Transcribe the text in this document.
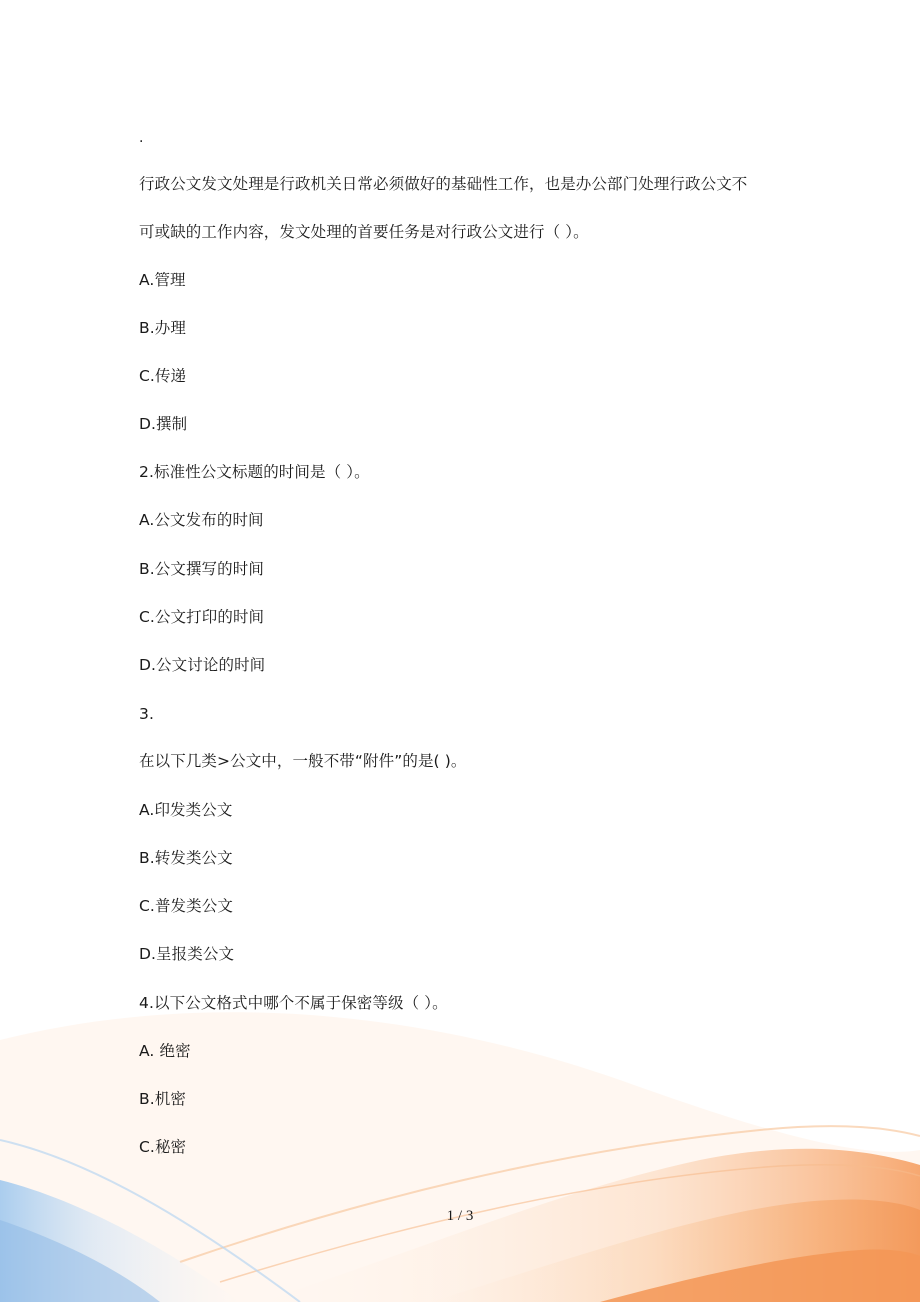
.
行政公文发文处理是行政机关日常必须做好的基础性工作，也是办公部门处理行政公文不
可或缺的工作内容，发文处理的首要任务是对行政公文进行（ ）。
A.管理
B.办理
C.传递
D.撰制
2.标准性公文标题的时间是（ ）。
A.公文发布的时间
B.公文撰写的时间
C.公文打印的时间
D.公文讨论的时间
3.
在以下几类>公文中，一般不带“附件”的是( )。
A.印发类公文
B.转发类公文
C.普发类公文
D.呈报类公文
4.以下公文格式中哪个不属于保密等级（ ）。
A. 绝密
B.机密
C.秘密
1 / 3
